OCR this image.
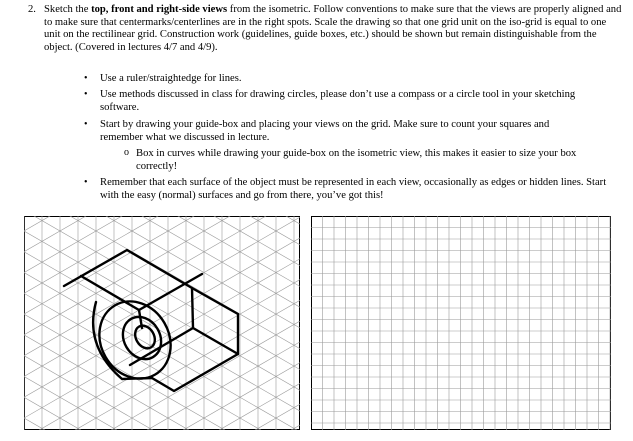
2. Sketch the top, front and right-side views from the isometric. Follow conventions to make sure that the views are properly aligned and to make sure that centermarks/centerlines are in the right spots. Scale the drawing so that one grid unit on the iso-grid is equal to one unit on the rectilinear grid. Construction work (guidelines, guide boxes, etc.) should be shown but remain distinguishable from the object. (Covered in lectures 4/7 and 4/9).

• Use a ruler/straightedge for lines.
• Use methods discussed in class for drawing circles, please don’t use a compass or a circle tool in your sketching software.
• Start by drawing your guide-box and placing your views on the grid. Make sure to count your squares and remember what we discussed in lecture.
o Box in curves while drawing your guide-box on the isometric view, this makes it easier to size your box correctly!
• Remember that each surface of the object must be represented in each view, occasionally as edges or hidden lines. Start with the easy (normal) surfaces and go from there, you’ve got this!
